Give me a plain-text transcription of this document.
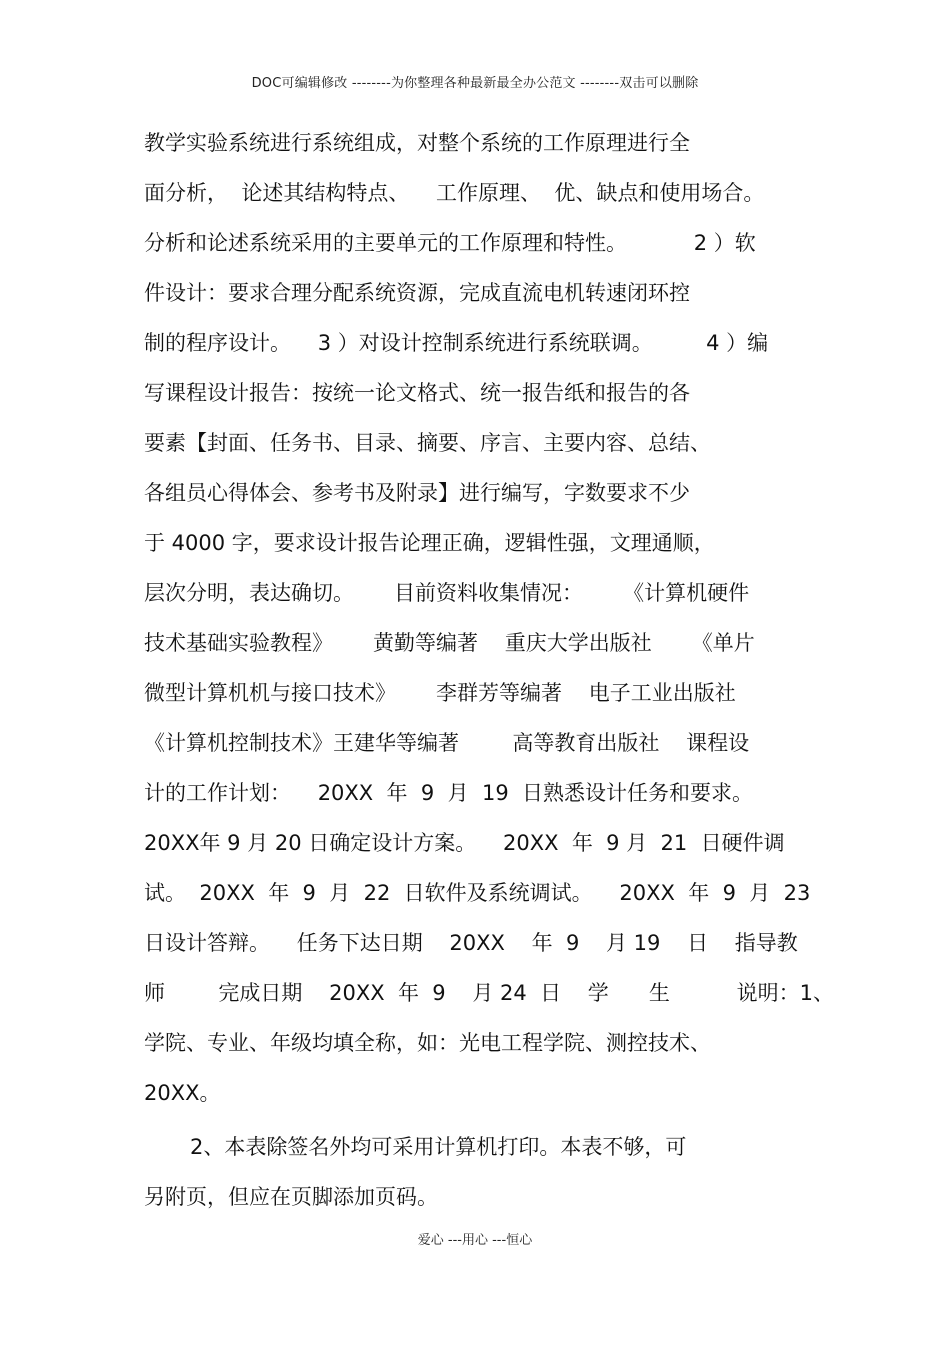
DOC可编辑修改 --------为你整理各种最新最全办公范文 --------双击可以删除
教学实验系统进行系统组成，对整个系统的工作原理进行全
面分析，  论述其结构特点、    工作原理、  优、缺点和使用场合。
分析和论述系统采用的主要单元的工作原理和特性。          2 ）软
件设计：要求合理分配系统资源，完成直流电机转速闭环控
制的程序设计。    3 ）对设计控制系统进行系统联调。        4 ）编
写课程设计报告：按统一论文格式、统一报告纸和报告的各
要素【封面、任务书、目录、摘要、序言、主要内容、总结、
各组员心得体会、参考书及附录】进行编写，字数要求不少
于 4000 字，要求设计报告论理正确，逻辑性强，文理通顺，
层次分明，表达确切。      目前资料收集情况：      《计算机硬件
技术基础实验教程》      黄勤等编著    重庆大学出版社      《单片
微型计算机机与接口技术》      李群芳等编著    电子工业出版社
《计算机控制技术》王建华等编著        高等教育出版社    课程设
计的工作计划：    20XX  年  9  月  19  日熟悉设计任务和要求。
20XX年 9 月 20 日确定设计方案。    20XX  年  9 月  21  日硬件调
试。  20XX  年  9  月  22  日软件及系统调试。    20XX  年  9  月  23
日设计答辩。    任务下达日期    20XX    年  9    月 19    日    指导教
师        完成日期    20XX  年  9    月 24  日    学      生          说明：1、
学院、专业、年级均填全称，如：光电工程学院、测控技术、
20XX。
2、本表除签名外均可采用计算机打印。本表不够，可
另附页，但应在页脚添加页码。
爱心 ---用心 ---恒心
